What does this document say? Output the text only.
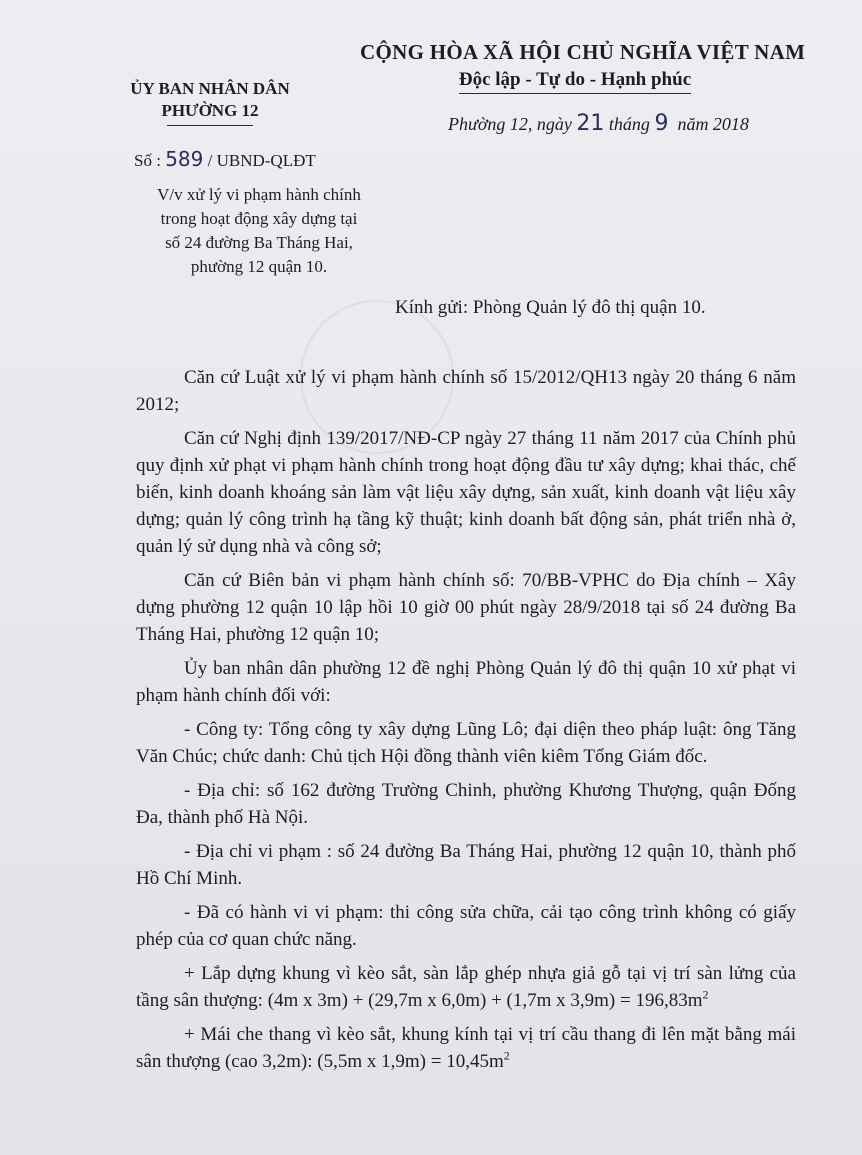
ỦY BAN NHÂN DÂN
PHƯỜNG 12
CỘNG HÒA XÃ HỘI CHỦ NGHĨA VIỆT NAM
Độc lập - Tự do - Hạnh phúc
Phường 12, ngày 21 tháng 9 năm 2018
Số : 589 / UBND-QLĐT
V/v xử lý vi phạm hành chính
trong hoạt động xây dựng tại
số 24 đường Ba Tháng Hai,
phường 12 quận 10.
Kính gửi: Phòng Quản lý đô thị quận 10.

Căn cứ Luật xử lý vi phạm hành chính số 15/2012/QH13 ngày 20 tháng 6 năm 2012;

Căn cứ Nghị định 139/2017/NĐ-CP ngày 27 tháng 11 năm 2017 của Chính phủ quy định xử phạt vi phạm hành chính trong hoạt động đầu tư xây dựng; khai thác, chế biến, kinh doanh khoáng sản làm vật liệu xây dựng, sản xuất, kinh doanh vật liệu xây dựng; quản lý công trình hạ tầng kỹ thuật; kinh doanh bất động sản, phát triển nhà ở, quản lý sử dụng nhà và công sở;

Căn cứ Biên bản vi phạm hành chính số: 70/BB-VPHC do Địa chính – Xây dựng phường 12 quận 10 lập hồi 10 giờ 00 phút ngày 28/9/2018 tại số 24 đường Ba Tháng Hai, phường 12 quận 10;

Ủy ban nhân dân phường 12 đề nghị Phòng Quản lý đô thị quận 10 xử phạt vi phạm hành chính đối với:

- Công ty: Tổng công ty xây dựng Lũng Lô; đại diện theo pháp luật: ông Tăng Văn Chúc; chức danh: Chủ tịch Hội đồng thành viên kiêm Tổng Giám đốc.

- Địa chỉ: số 162 đường Trường Chinh, phường Khương Thượng, quận Đống Đa, thành phố Hà Nội.

- Địa chỉ vi phạm : số 24 đường Ba Tháng Hai, phường 12 quận 10, thành phố Hồ Chí Minh.

- Đã có hành vi vi phạm: thi công sửa chữa, cải tạo công trình không có giấy phép của cơ quan chức năng.

+ Lắp dựng khung vì kèo sắt, sàn lắp ghép nhựa giả gỗ tại vị trí sàn lửng của tầng sân thượng: (4m x 3m) + (29,7m x 6,0m) + (1,7m x $3,9m) = 196,83m^2$

+ Mái che thang vì kèo sắt, khung kính tại vị trí cầu thang đi lên mặt bằng mái sân thượng (cao 3,2m): (5,5m x $1,9m) = 10,45m^2$
